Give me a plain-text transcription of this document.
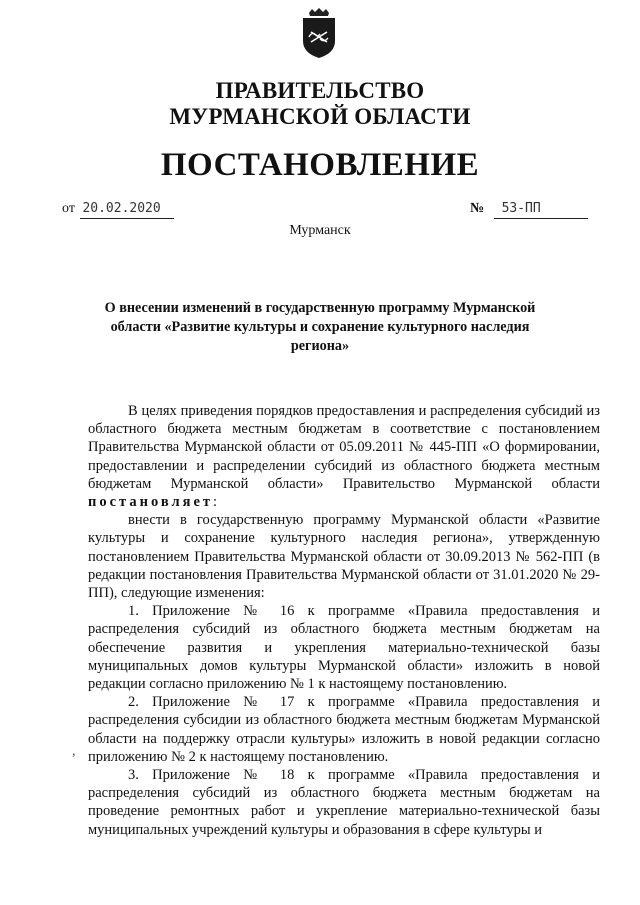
ПРАВИТЕЛЬСТВО
МУРМАНСКОЙ ОБЛАСТИ
ПОСТАНОВЛЕНИЕ
от 20.02.2020	№ 53-ПП
Мурманск
О внесении изменений в государственную программу Мурманской области «Развитие культуры и сохранение культурного наследия региона»

В целях приведения порядков предоставления и распределения субсидий из областного бюджета местным бюджетам в соответствие с постановлением Правительства Мурманской области от 05.09.2011 № 445-ПП «О формировании, предоставлении и распределении субсидий из областного бюджета местным бюджетам Мурманской области» Правительство Мурманской области постановляет:

внести в государственную программу Мурманской области «Развитие культуры и сохранение культурного наследия региона», утвержденную постановлением Правительства Мурманской области от 30.09.2013 № 562-ПП (в редакции постановления Правительства Мурманской области от 31.01.2020 № 29-ПП), следующие изменения:

1. Приложение № 16 к программе «Правила предоставления и распределения субсидий из областного бюджета местным бюджетам на обеспечение развития и укрепления материально-технической базы муниципальных домов культуры Мурманской области» изложить в новой редакции согласно приложению № 1 к настоящему постановлению.

2. Приложение № 17 к программе «Правила предоставления и распределения субсидии из областного бюджета местным бюджетам Мурманской области на поддержку отрасли культуры» изложить в новой редакции согласно приложению № 2 к настоящему постановлению.

3. Приложение № 18 к программе «Правила предоставления и распределения субсидий из областного бюджета местным бюджетам на проведение ремонтных работ и укрепление материально-технической базы муниципальных учреждений культуры и образования в сфере культуры и

,
